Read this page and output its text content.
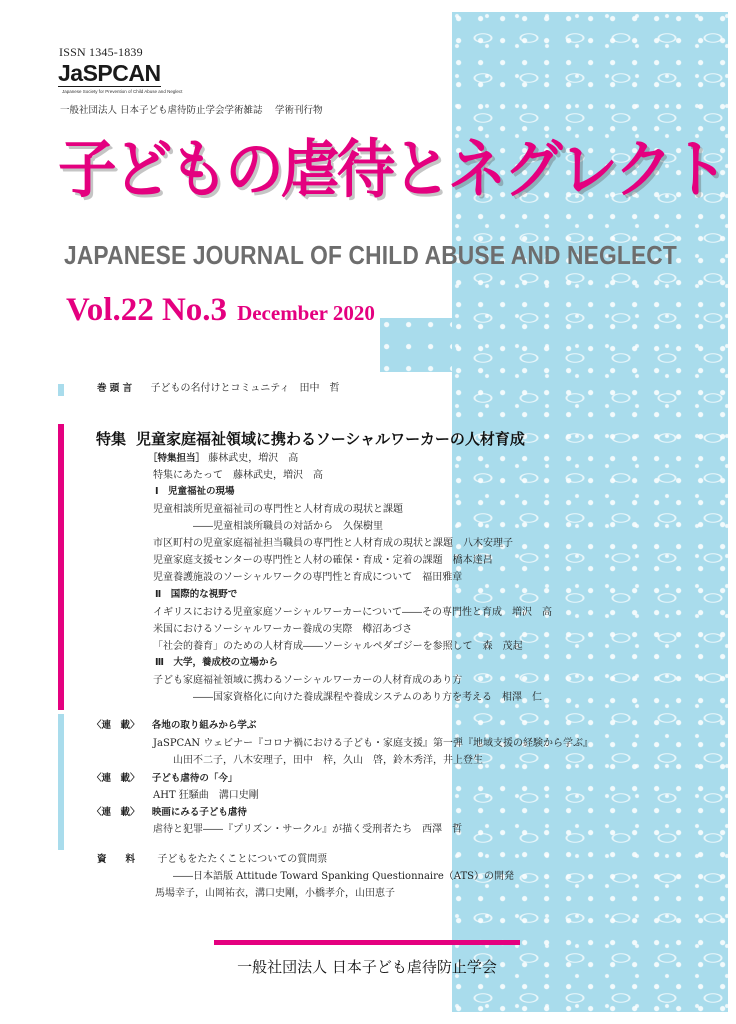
ISSN 1345-1839
JaSPCAN
Japanese Society for Prevention of Child Abuse and Neglect
一般社団法人 日本子ども虐待防止学会学術雑誌　 学術刊行物
子どもの虐待とネグレクト
JAPANESE JOURNAL OF CHILD ABUSE AND NEGLECT
Vol.22 No.3 December 2020
巻 頭 言 子どもの名付けとコミュニティ　田中　哲
特集 児童家庭福祉領域に携わるソーシャルワーカーの人材育成
［特集担当］ 藤林武史，増沢　高
特集にあたって　藤林武史，増沢　高
Ⅰ　児童福祉の現場
児童相談所児童福祉司の専門性と人材育成の現状と課題
――児童相談所職員の対話から　久保樹里
市区町村の児童家庭福祉担当職員の専門性と人材育成の現状と課題　八木安理子
児童家庭支援センターの専門性と人材の確保・育成・定着の課題　橋本達昌
児童養護施設のソーシャルワークの専門性と育成について　福田雅章
Ⅱ　国際的な視野で
イギリスにおける児童家庭ソーシャルワーカーについて――その専門性と育成　増沢　高
米国におけるソーシャルワーカー養成の実際　樽沼あづさ
「社会的養育」のための人材育成――ソーシャルペダゴジーを参照して　森　茂起
Ⅲ　大学，養成校の立場から
子ども家庭福祉領域に携わるソーシャルワーカーの人材育成のあり方
――国家資格化に向けた養成課程や養成システムのあり方を考える　相澤　仁
〈連　載〉 各地の取り組みから学ぶ
JaSPCAN ウェビナー『コロナ禍における子ども・家庭支援』第一弾『地域支援の経験から学ぶ』
山田不二子，八木安理子，田中　梓，久山　啓，鈴木秀洋，井上登生
〈連　載〉 子ども虐待の「今」
AHT 狂騒曲　溝口史剛
〈連　載〉 映画にみる子ども虐待
虐待と犯罪――『プリズン・サークル』が描く受刑者たち　西澤　哲
資　　料 子どもをたたくことについての質問票
――日本語版 Attitude Toward Spanking Questionnaire（ATS）の開発
馬場幸子，山岡祐衣，溝口史剛，小橋孝介，山田恵子
一般社団法人 日本子ども虐待防止学会
